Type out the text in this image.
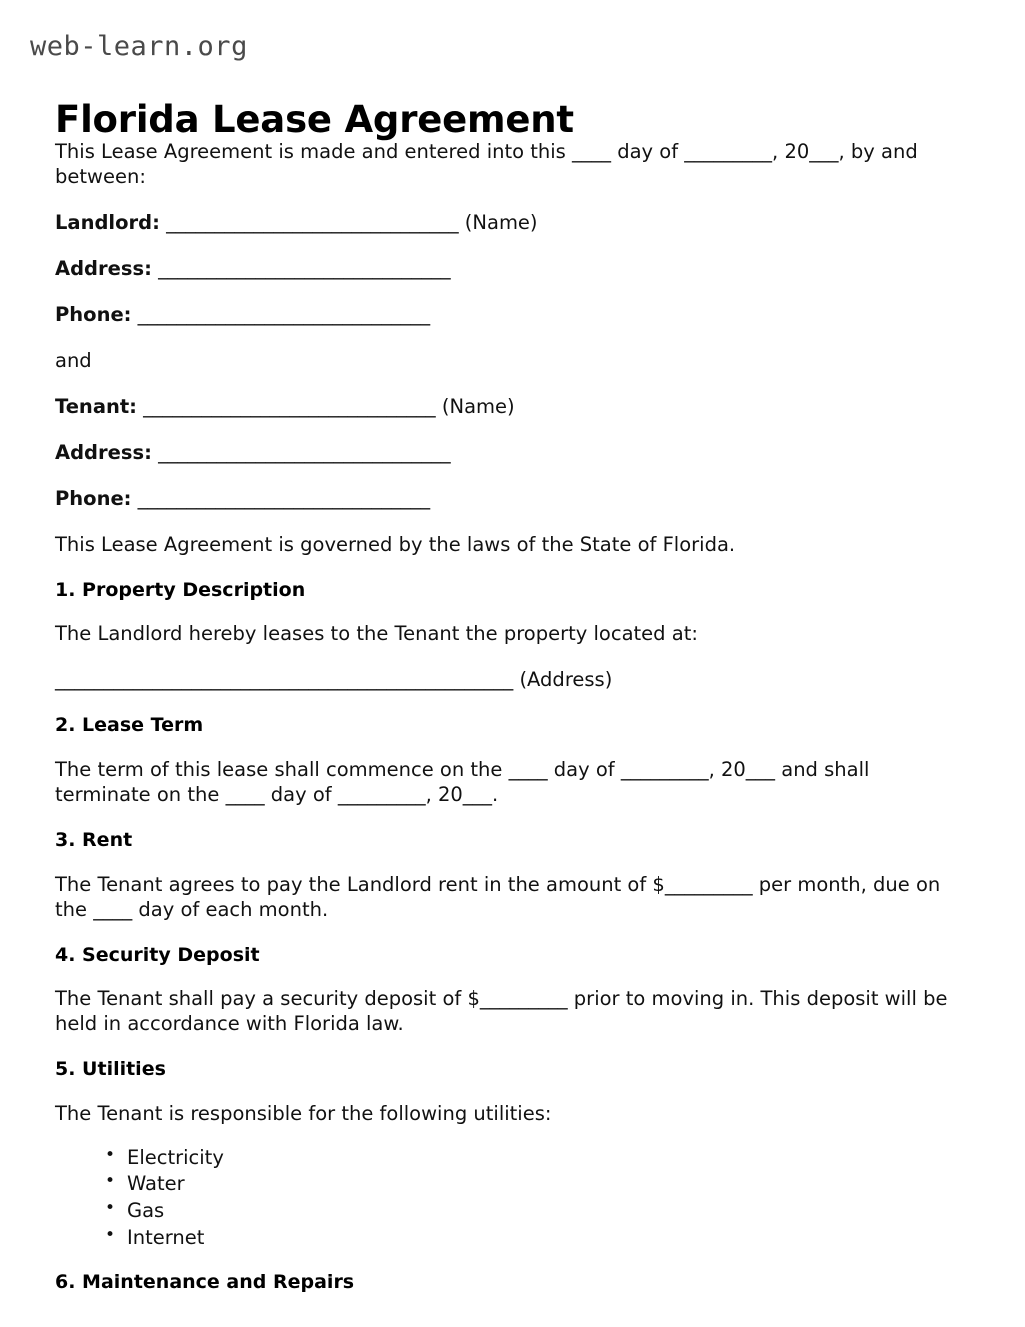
web-learn.org
Florida Lease Agreement

This Lease Agreement is made and entered into this ____ day of _________, 20___, by and between:

Landlord: ______________________________ (Name)
Address: ______________________________
Phone: ______________________________

and

Tenant: ______________________________ (Name)
Address: ______________________________
Phone: ______________________________

This Lease Agreement is governed by the laws of the State of Florida.

1. Property Description

The Landlord hereby leases to the Tenant the property located at:

_______________________________________________ (Address)
2. Lease Term

The term of this lease shall commence on the ____ day of _________, 20___ and shall terminate on the ____ day of _________, 20___.

3. Rent

The Tenant agrees to pay the Landlord rent in the amount of $_________ per month, due on the ____ day of each month.

4. Security Deposit

The Tenant shall pay a security deposit of $_________ prior to moving in. This deposit will be held in accordance with Florida law.

5. Utilities

The Tenant is responsible for the following utilities:

• Electricity
• Water
• Gas
• Internet
6. Maintenance and Repairs
